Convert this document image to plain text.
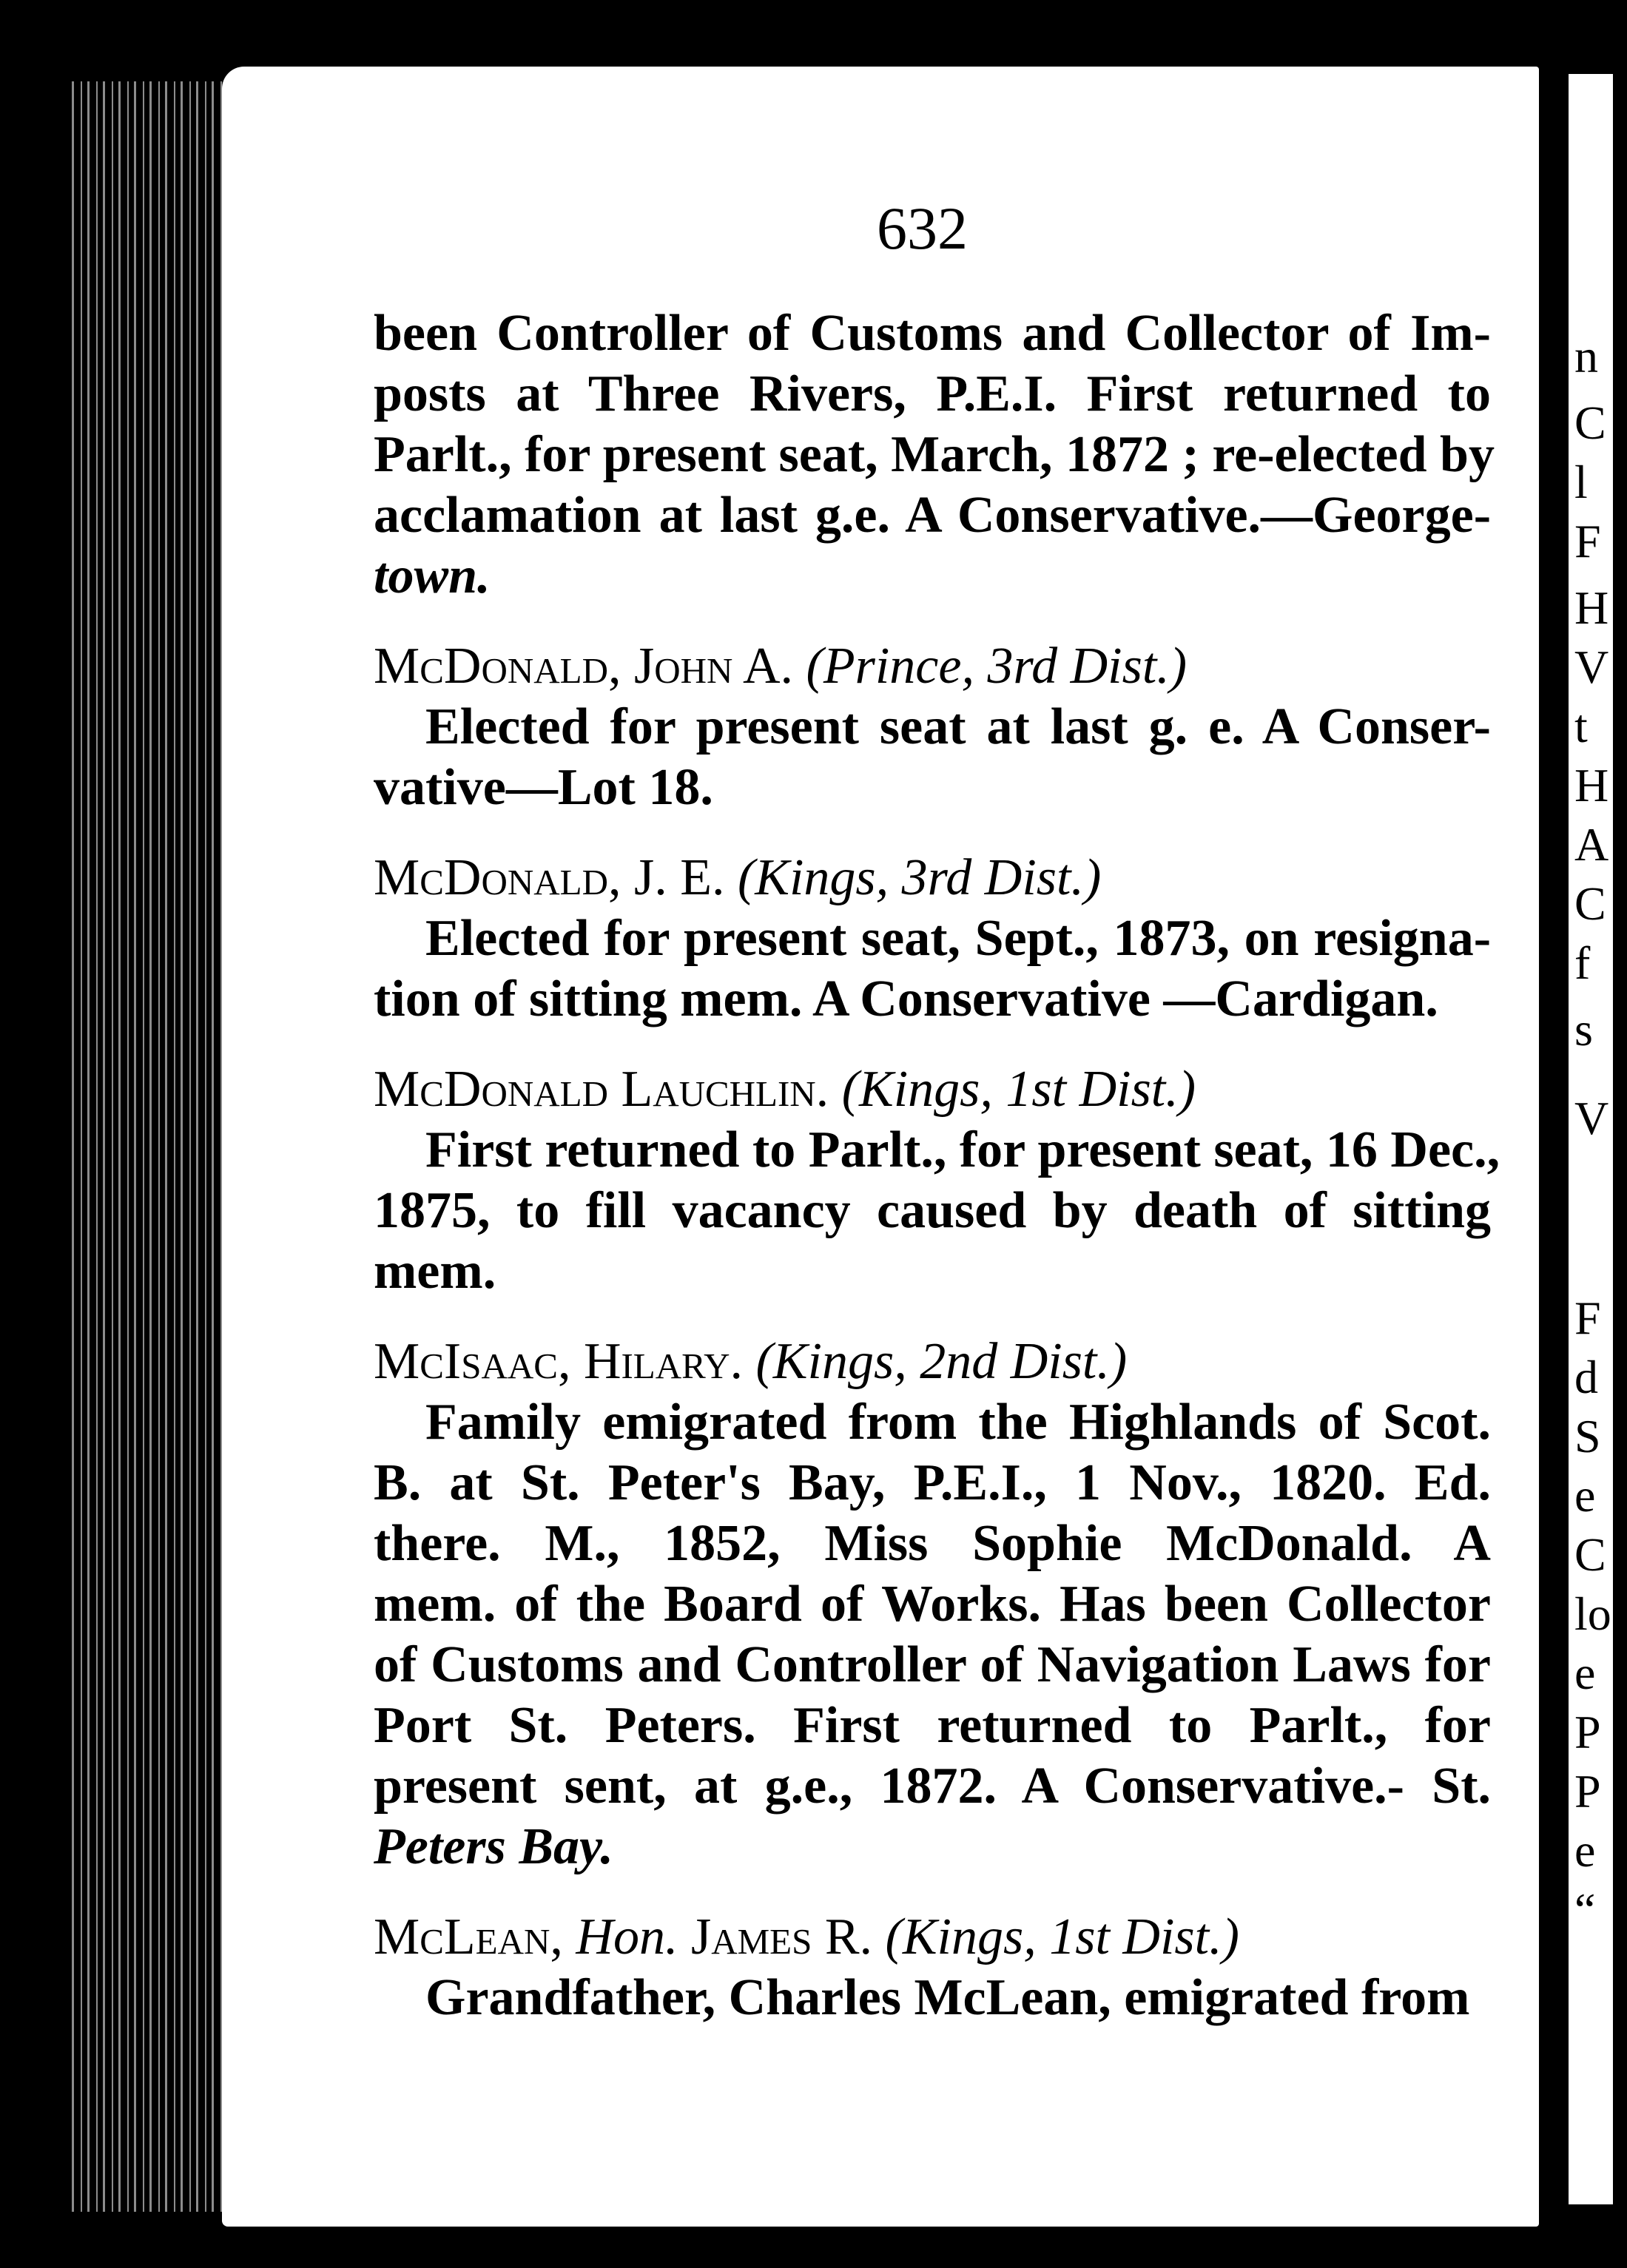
632
been Controller of Customs and Collector of Im-
posts at Three Rivers, P.E.I. First returned to
Parlt., for present seat, March, 1872 ; re-elected by
acclamation at last g.e. A Conservative.—George-
town.
McDonald, John A. (Prince, 3rd Dist.)
Elected for present seat at last g. e. A Conser-
vative—Lot 18.
McDonald, J. E. (Kings, 3rd Dist.)
Elected for present seat, Sept., 1873, on resigna-
tion of sitting mem. A Conservative —Cardigan.
McDonald Lauchlin. (Kings, 1st Dist.)
First returned to Parlt., for present seat, 16 Dec.,
1875, to fill vacancy caused by death of sitting
mem.
McIsaac, Hilary. (Kings, 2nd Dist.)
Family emigrated from the Highlands of Scot.
B. at St. Peter's Bay, P.E.I., 1 Nov., 1820. Ed.
there. M., 1852, Miss Sophie McDonald. A
mem. of the Board of Works. Has been Collector
of Customs and Controller of Navigation Laws for
Port St. Peters. First returned to Parlt., for
present sent, at g.e., 1872. A Conservative.- St.
Peters Bay.
McLean, Hon. James R. (Kings, 1st Dist.)
Grandfather, Charles McLean, emigrated from
n
C
l
F
H
V
t
H
A
C
f
s
V
F
d
S
e
C
lo
e
P
P
e
“
